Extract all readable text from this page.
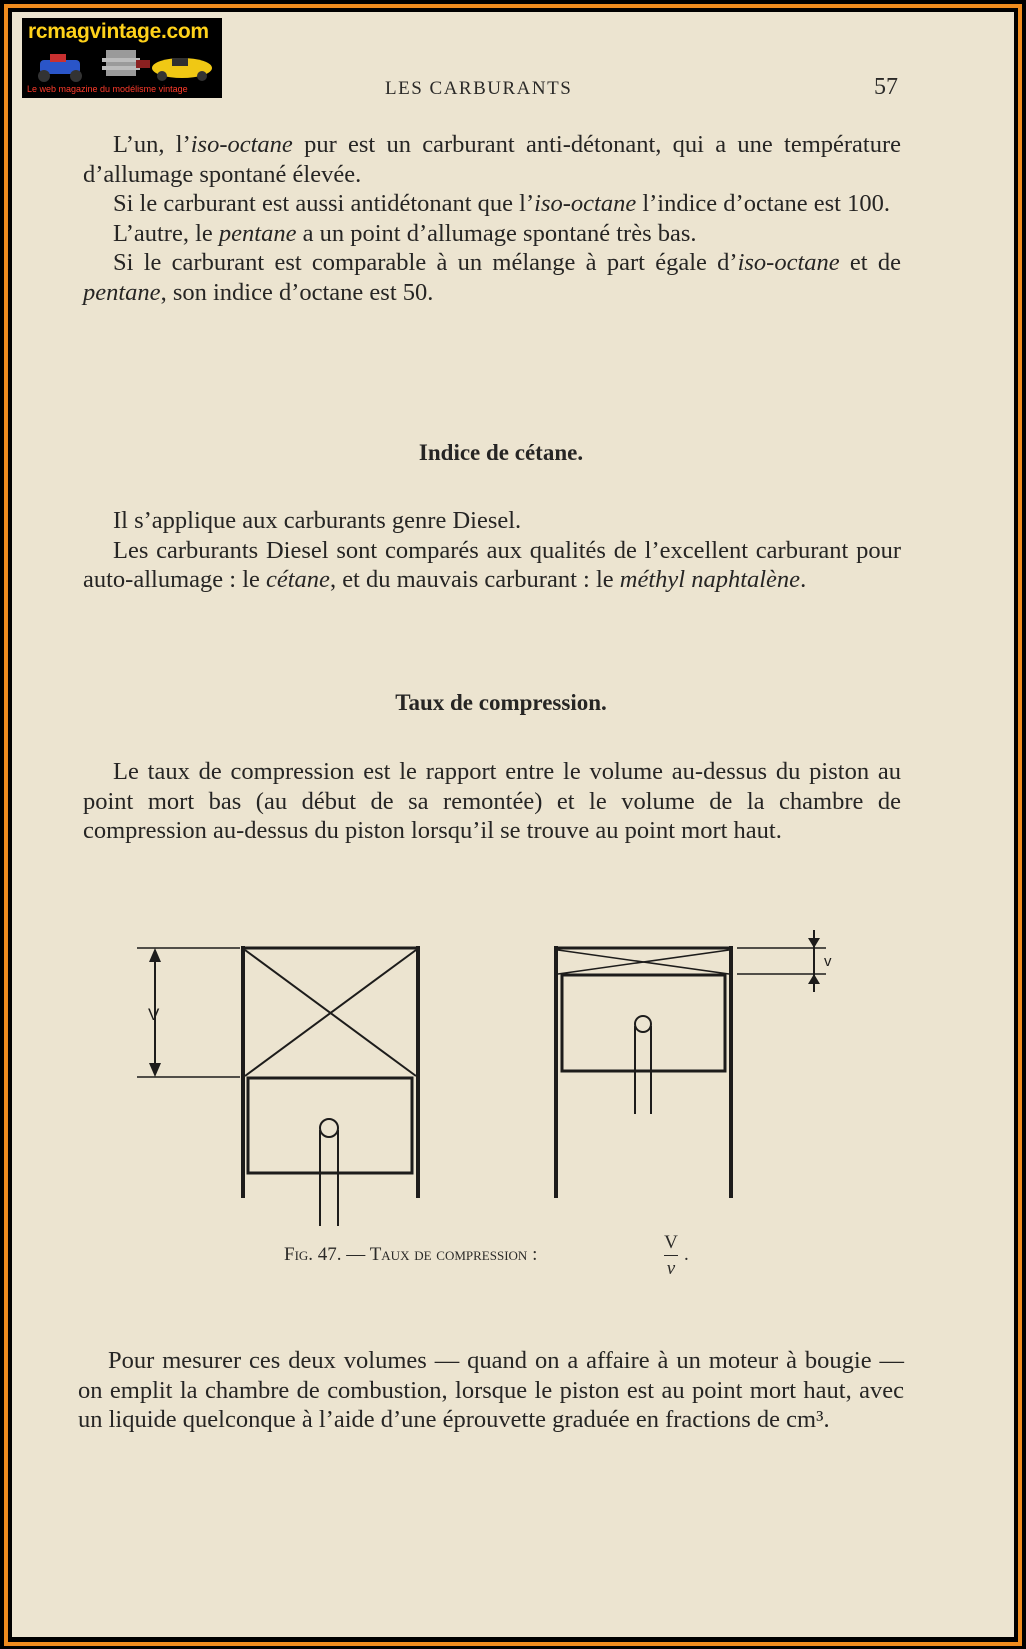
rcmagvintage.com
Le web magazine du modélisme vintage	LES CARBURANTS	57

L’un, l’iso-octane pur est un carburant anti-détonant, qui a une température d’allumage spontané élevée.

Si le carburant est aussi antidétonant que l’iso-octane l’indice d’octane est 100.

L’autre, le pentane a un point d’allumage spontané très bas.

Si le carburant est comparable à un mélange à part égale d’iso-octane et de pentane, son indice d’octane est 50.

Indice de cétane.

Il s’applique aux carburants genre Diesel.

Les carburants Diesel sont comparés aux qualités de l’excellent carburant pour auto-allumage : le cétane, et du mauvais carburant : le méthyl naphtalène.

Taux de compression.

Le taux de compression est le rapport entre le volume au-dessus du piston au point mort bas (au début de sa remontée) et le volume de la chambre de compression au-dessus du piston lorsqu’il se trouve au point mort haut.

V
v
Fig. 47. — Taux de compression :
V
v
.

Pour mesurer ces deux volumes — quand on a affaire à un moteur à bougie — on emplit la chambre de combustion, lorsque le piston est au point mort haut, avec un liquide quelconque à l’aide d’une éprouvette graduée en fractions de cm³.
